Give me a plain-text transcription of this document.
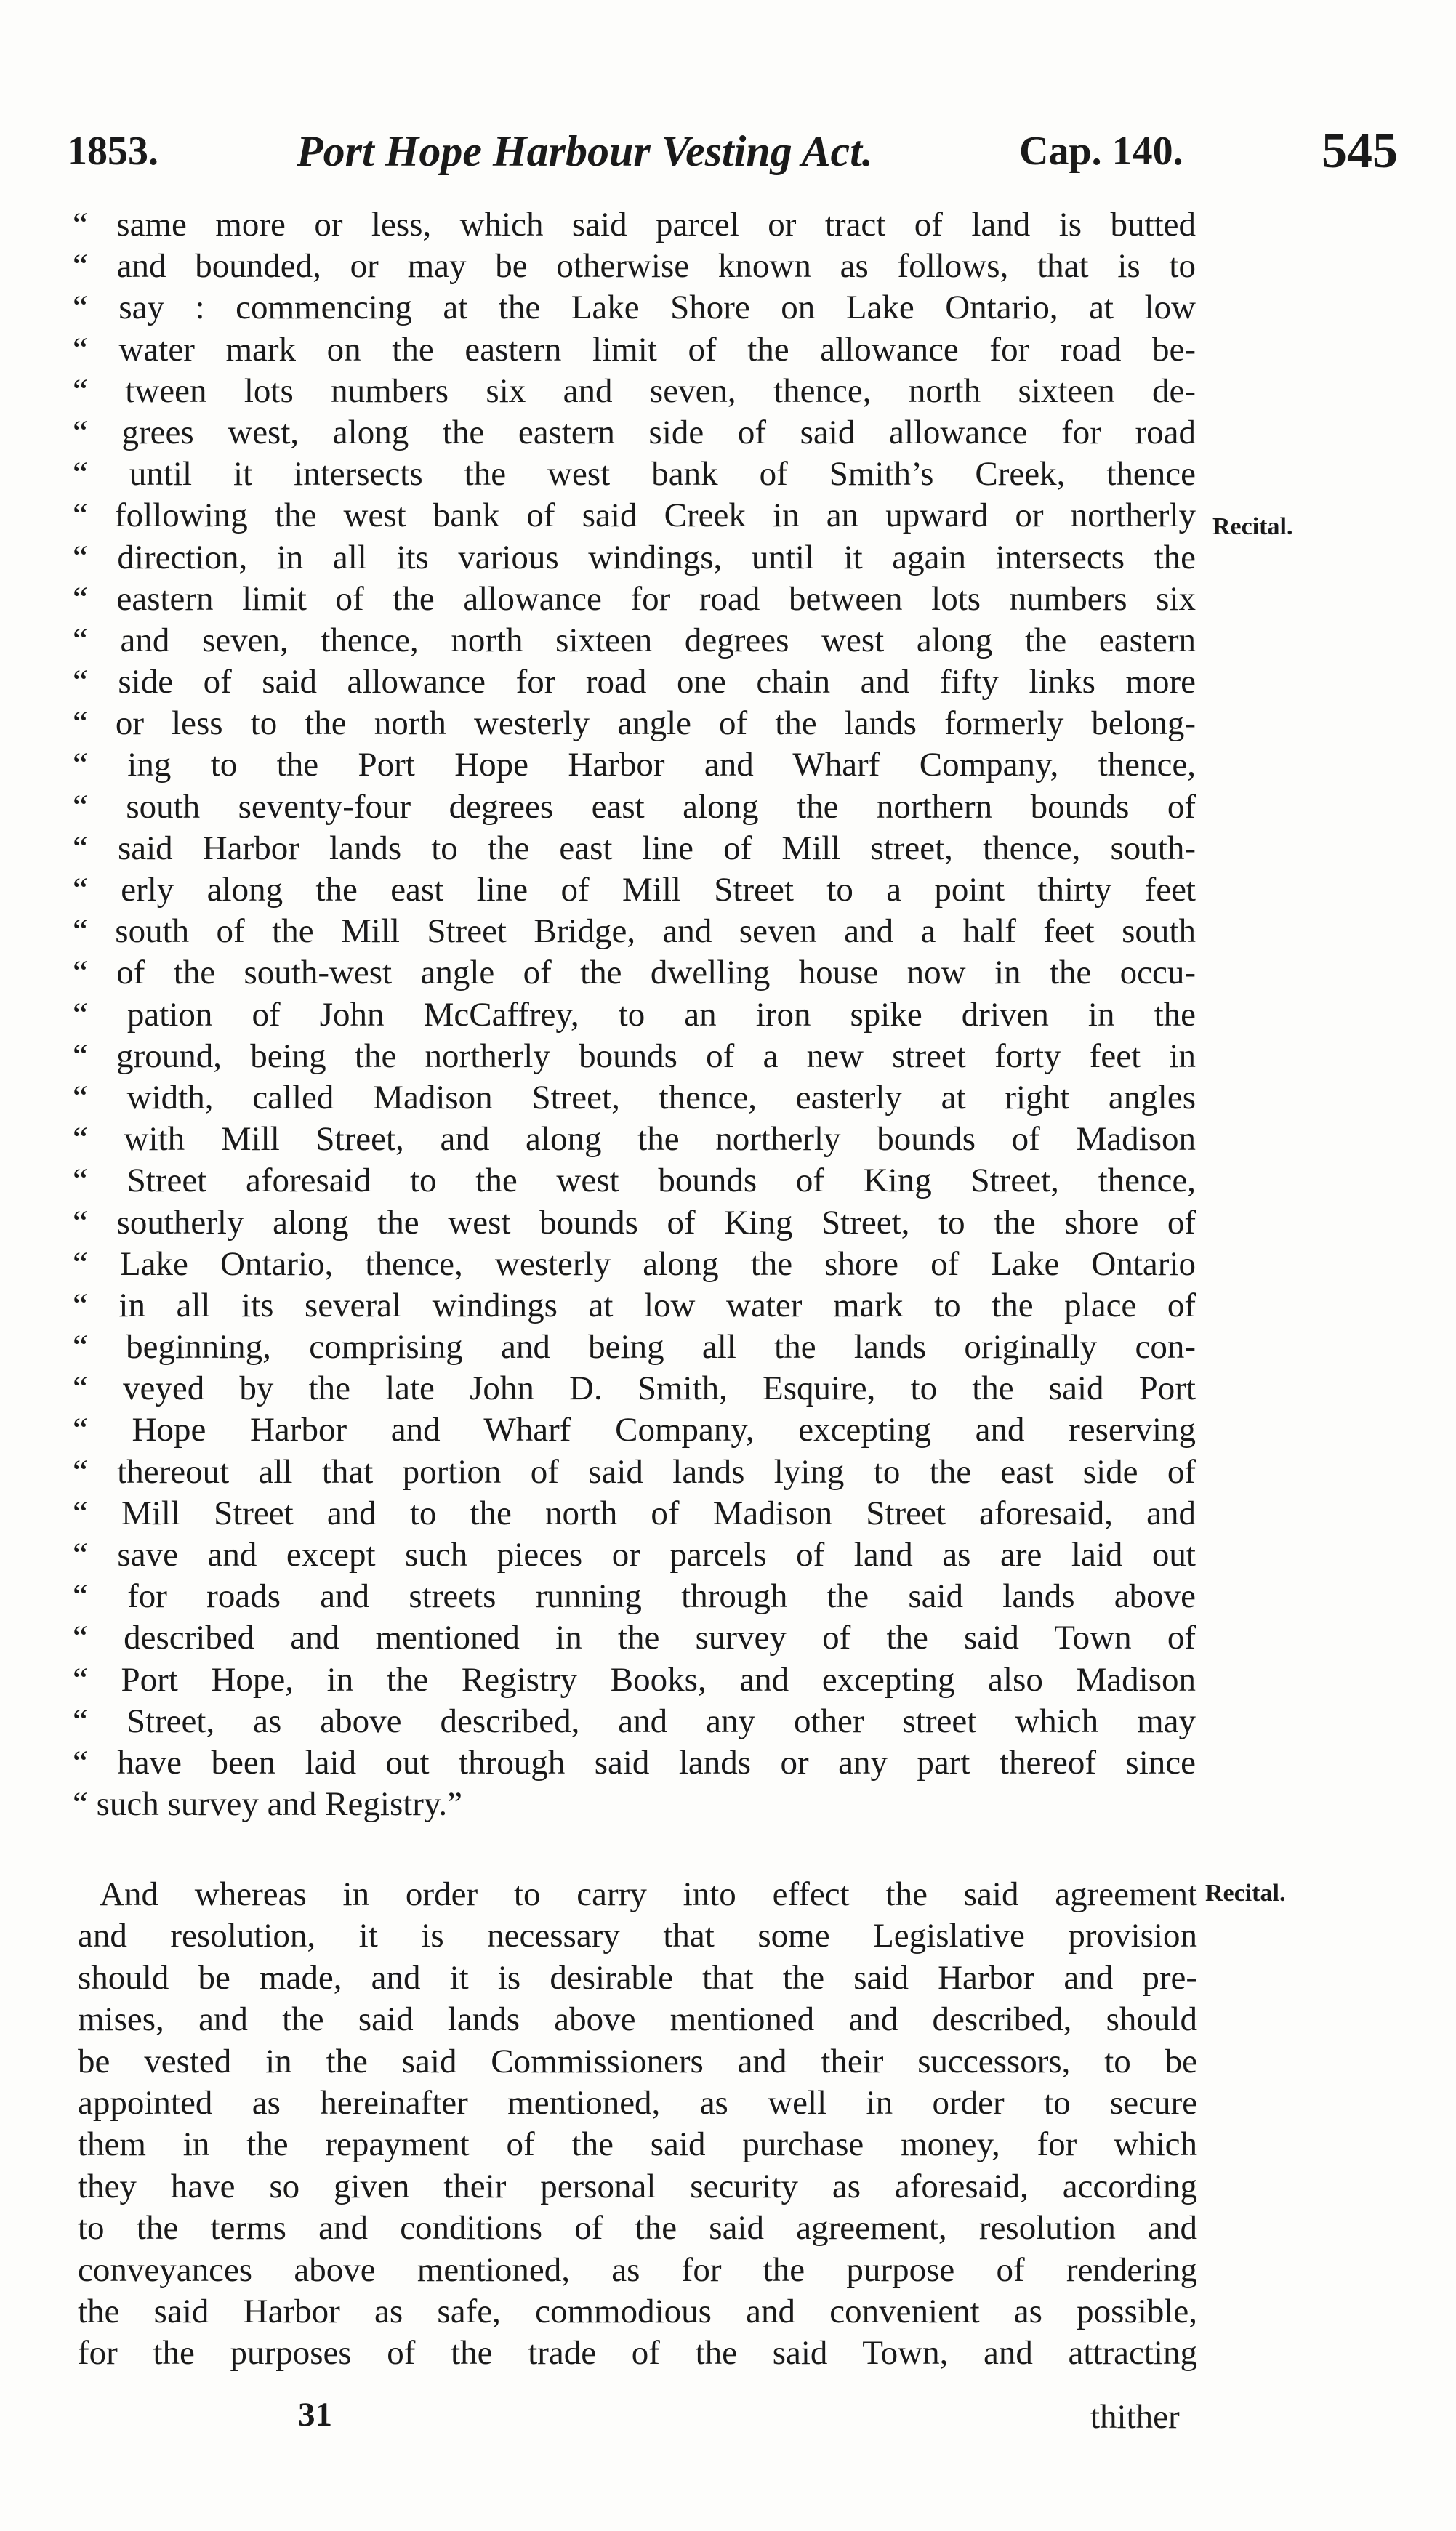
1853.	Port Hope Harbour Vesting Act.	Cap. 140.	545
“ same more or less, which said parcel or tract of land is butted
“ and bounded, or may be otherwise known as follows, that is to
“ say : commencing at the Lake Shore on Lake Ontario, at low
“ water mark on the eastern limit of the allowance for road be-
“ tween lots numbers six and seven, thence, north sixteen de-
“ grees west, along the eastern side of said allowance for road
“ until it intersects the west bank of Smith’s Creek, thence
“ following the west bank of said Creek in an upward or northerly
“ direction, in all its various windings, until it again intersects the
“ eastern limit of the allowance for road between lots numbers six
“ and seven, thence, north sixteen degrees west along the eastern
“ side of said allowance for road one chain and fifty links more
“ or less to the north westerly angle of the lands formerly belong-
“ ing to the Port Hope Harbor and Wharf Company, thence,
“ south seventy-four degrees east along the northern bounds of
“ said Harbor lands to the east line of Mill street, thence, south-
“ erly along the east line of Mill Street to a point thirty feet
“ south of the Mill Street Bridge, and seven and a half feet south
“ of the south-west angle of the dwelling house now in the occu-
“ pation of John McCaffrey, to an iron spike driven in the
“ ground, being the northerly bounds of a new street forty feet in
“ width, called Madison Street, thence, easterly at right angles
“ with Mill Street, and along the northerly bounds of Madison
“ Street aforesaid to the west bounds of King Street, thence,
“ southerly along the west bounds of King Street, to the shore of
“ Lake Ontario, thence, westerly along the shore of Lake Ontario
“ in all its several windings at low water mark to the place of
“ beginning, comprising and being all the lands originally con-
“ veyed by the late John D. Smith, Esquire, to the said Port
“ Hope Harbor and Wharf Company, excepting and reserving
“ thereout all that portion of said lands lying to the east side of
“ Mill Street and to the north of Madison Street aforesaid, and
“ save and except such pieces or parcels of land as are laid out
“ for roads and streets running through the said lands above
“ described and mentioned in the survey of the said Town of
“ Port Hope, in the Registry Books, and excepting also Madison
“ Street, as above described, and any other street which may
“ have been laid out through said lands or any part thereof since
“ such survey and Registry.”
Recital.
And whereas in order to carry into effect the said agreement
and resolution, it is necessary that some Legislative provision
should be made, and it is desirable that the said Harbor and pre-
mises, and the said lands above mentioned and described, should
be vested in the said Commissioners and their successors, to be
appointed as hereinafter mentioned, as well in order to secure
them in the repayment of the said purchase money, for which
they have so given their personal security as aforesaid, according
to the terms and conditions of the said agreement, resolution and
conveyances above mentioned, as for the purpose of rendering
the said Harbor as safe, commodious and convenient as possible,
for the purposes of the trade of the said Town, and attracting
Recital.
31	thither
